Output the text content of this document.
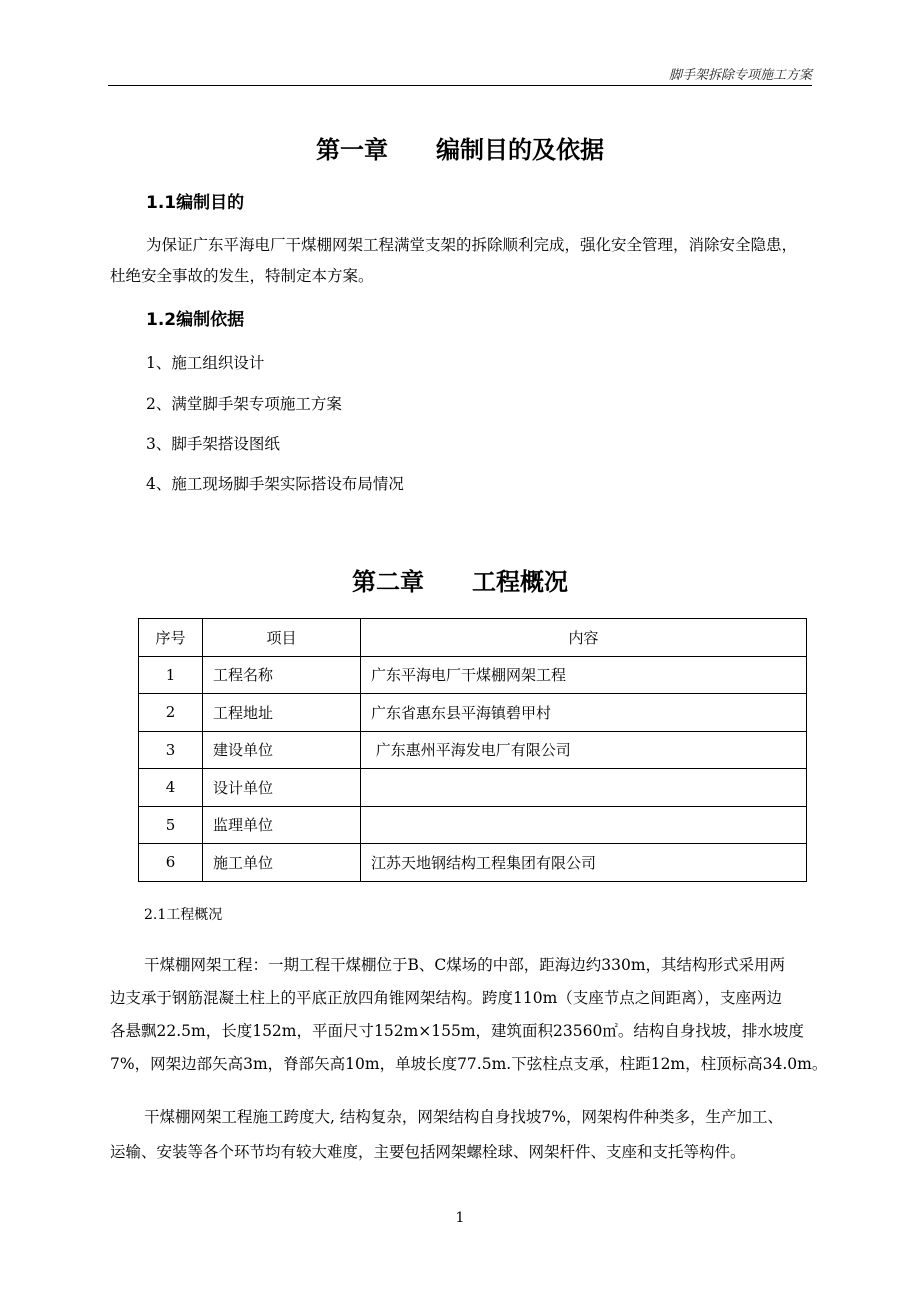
脚手架拆除专项施工方案
第一章　　编制目的及依据
1.1编制目的
为保证广东平海电厂干煤棚网架工程满堂支架的拆除顺利完成，强化安全管理，消除安全隐患，
杜绝安全事故的发生，特制定本方案。
1.2编制依据
1、施工组织设计
2、满堂脚手架专项施工方案
3、脚手架搭设图纸
4、施工现场脚手架实际搭设布局情况
第二章　　工程概况
序号	项目	内容
1	工程名称	广东平海电厂干煤棚网架工程
2	工程地址	广东省惠东县平海镇碧甲村
3	建设单位	广东惠州平海发电厂有限公司
4	设计单位	
5	监理单位	
6	施工单位	江苏天地钢结构工程集团有限公司
2.1工程概况
干煤棚网架工程：一期工程干煤棚位于B、C煤场的中部，距海边约330m，其结构形式采用两
边支承于钢筋混凝土柱上的平底正放四角锥网架结构。跨度110m（支座节点之间距离），支座两边
各悬飘22.5m，长度152m，平面尺寸152m×155m，建筑面积23560㎡。结构自身找坡，排水坡度
7%，网架边部矢高3m，脊部矢高10m，单坡长度77.5m.下弦柱点支承，柱距12m，柱顶标高34.0m。
干煤棚网架工程施工跨度大, 结构复杂，网架结构自身找坡7%，网架构件种类多，生产加工、
运输、安装等各个环节均有较大难度，主要包括网架螺栓球、网架杆件、支座和支托等构件。
1
